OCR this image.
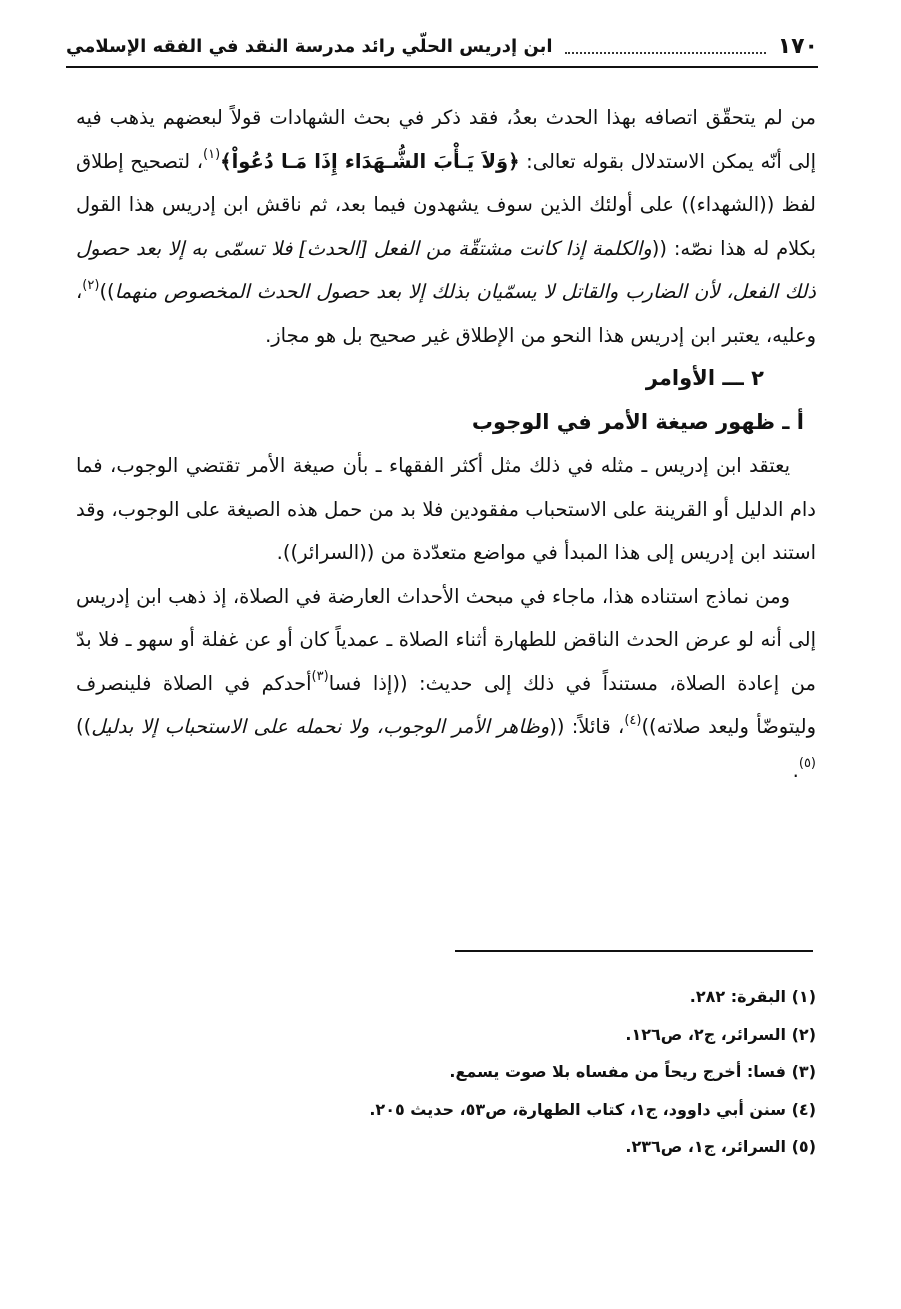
١٧٠
ابن إدريس الحلّي رائد مدرسة النقد في الفقه الإسلامي

من لم يتحقّق اتصافه بهذا الحدث بعدُ، فقد ذكر في بحث الشهادات قولاً لبعضهم يذهب فيه إلى أنّه يمكن الاستدلال بقوله تعالى: ﴿وَلاَ يَـأْبَ الشُّـهَدَاء إِذَا مَـا دُعُواْ﴾$^{(١)}$، لتصحيح إطلاق لفظ ((الشهداء)) على أولئك الذين سوف يشهدون فيما بعد، ثم ناقش ابن إدريس هذا القول بكلام له هذا نصّه: ((والكلمة إذا كانت مشتقّة من الفعل [الحدث] فلا تسمّى به إلا بعد حصول ذلك الفعل، لأن الضارب والقاتل لا يسمّيان بذلك إلا بعد حصول الحدث المخصوص منهما))$^{(٢)}$، وعليه، يعتبر ابن إدريس هذا النحو من الإطلاق غير صحيح بل هو مجاز.

٢ ـــ الأوامر

أ ـ ظهور صيغة الأمر في الوجوب

يعتقد ابن إدريس ـ مثله في ذلك مثل أكثر الفقهاء ـ بأن صيغة الأمر تقتضي الوجوب، فما دام الدليل أو القرينة على الاستحباب مفقودين فلا بد من حمل هذه الصيغة على الوجوب، وقد استند ابن إدريس إلى هذا المبدأ في مواضع متعدّدة من ((السرائر)).

ومن نماذج استناده هذا، ماجاء في مبحث الأحداث العارضة في الصلاة، إذ ذهب ابن إدريس إلى أنه لو عرض الحدث الناقض للطهارة أثناء الصلاة ـ عمدياً كان أو عن غفلة أو سهو ـ فلا بدّ من إعادة الصلاة، مستنداً في ذلك إلى حديث: ((إذا فسا$^{(٣)}$أحدكم في الصلاة فلينصرف وليتوضّأ وليعد صلاته))$^{(٤)}$، قائلاً: ((وظاهر الأمر الوجوب، ولا نحمله على الاستحباب إلا بدليل))$^{(٥)}$.

(١) البقرة: ٢٨٢.

(٢) السرائر، ج٢، ص١٢٦.

(٣) فسا: أخرج ريحاً من مفساه بلا صوت يسمع.

(٤) سنن أبي داوود، ج١، كتاب الطهارة، ص٥٣، حديث ٢٠٥.

(٥) السرائر، ج١، ص٢٣٦.
